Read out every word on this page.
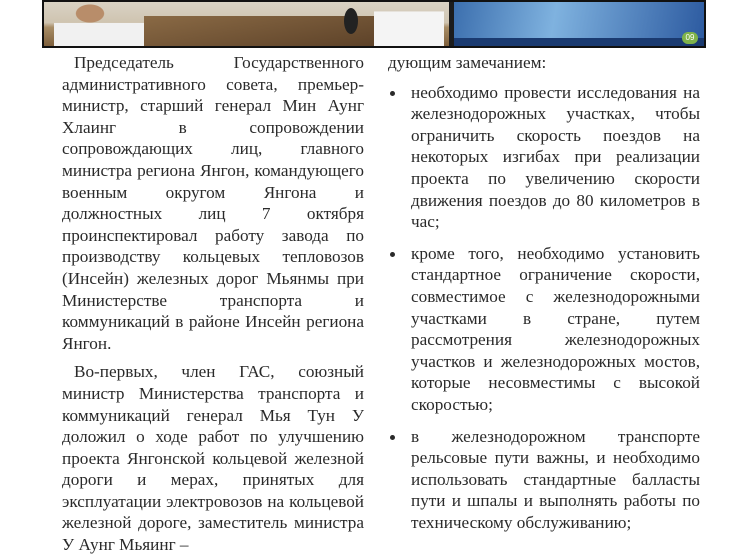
09

Председатель Государственного административного совета, премьер-министр, старший генерал Мин Аунг Хлаинг в сопровождении сопровождающих лиц, главного министра региона Янгон, командующего военным округом Янгона и должностных лиц 7 октября проинспектировал работу завода по производству кольцевых тепловозов (Инсейн) железных дорог Мьянмы при Министерстве транспорта и коммуникаций в районе Инсейн региона Янгон.

Во-первых, член ГАС, союзный министр Министерства транспорта и коммуникаций генерал Мья Тун У доложил о ходе работ по улучшению проекта Янгонской кольцевой железной дороги и мерах, принятых для эксплуатации электровозов на кольцевой железной дороге, заместитель министра У Аунг Мьяинг –

дующим замечанием:

необходимо провести исследования на железнодорожных участках, чтобы ограничить скорость поездов на некоторых изгибах при реализации проекта по увеличению скорости движения поездов до 80 километров в час;
кроме того, необходимо установить стандартное ограничение скорости, совместимое с железнодорожными участками в стране, путем рассмотрения железнодорожных участков и железнодорожных мостов, которые несовместимы с высокой скоростью;
в железнодорожном транспорте рельсовые пути важны, и необходимо использовать стандартные балласты пути и шпалы и выполнять работы по техническому обслуживанию;
